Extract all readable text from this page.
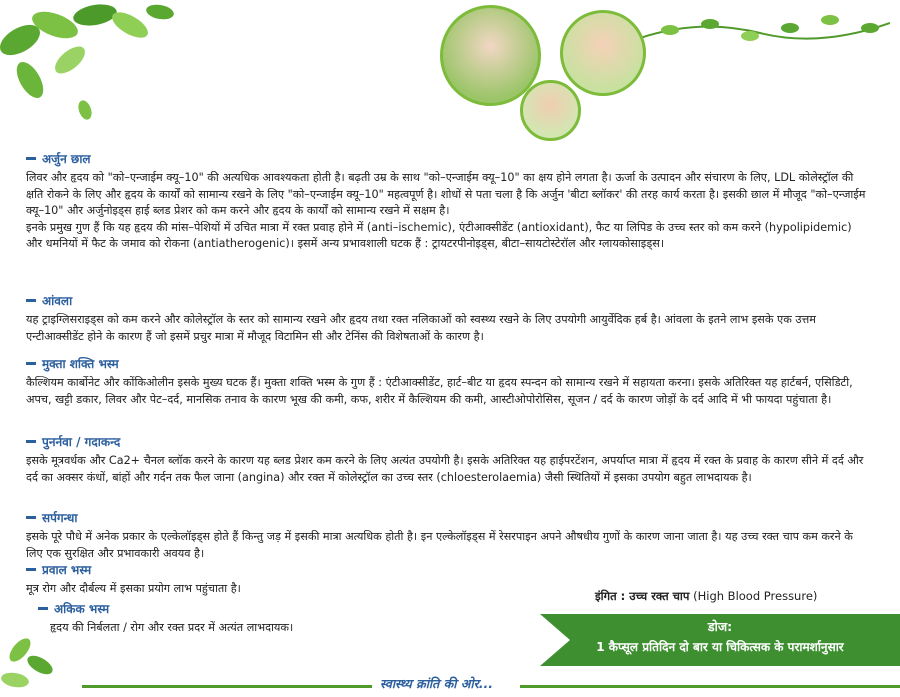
अर्जुन छाल
लिवर और हृदय को "को–एन्जाईम क्यू–10" की अत्यधिक आवश्यकता होती है। बढ़ती उम्र के साथ "को–एन्जाईम क्यू–10" का क्षय होने लगता है। ऊर्जा के उत्पादन और संचारण के लिए, LDL कोलेस्ट्रॉल की क्षति रोकने के लिए और हृदय के कार्यों को सामान्य रखने के लिए "को–एन्जाईम क्यू–10" महत्वपूर्ण है। शोधों से पता चला है कि अर्जुन 'बीटा ब्लॉकर' की तरह कार्य करता है। इसकी छाल में मौजूद "को–एन्जाईम क्यू–10" और अर्जुनोइड्स हाई ब्लड प्रेशर को कम करने और हृदय के कार्यों को सामान्य रखने में सक्षम है।
इनके प्रमुख गुण हैं कि यह हृदय की मांस–पेशियों में उचित मात्रा में रक्त प्रवाह होने में (anti–ischemic), एंटीआक्सीडेंट (antioxidant), फैट या लिपिड के उच्च स्तर को कम करने (hypolipidemic) और धमनियों में फैट के जमाव को रोकना (antiatherogenic)। इसमें अन्य प्रभावशाली घटक हैं : ट्रायटरपीनोइड्स, बीटा–सायटोस्टेरॉल और ग्लायकोसाइड्स।
आंवला
यह ट्राइग्लिसराइड्स को कम करने और कोलेस्ट्रॉल के स्तर को सामान्य रखने और हृदय तथा रक्त नलिकाओं को स्वस्थ्य रखने के लिए उपयोगी आयुर्वेदिक हर्ब है। आंवला के इतने लाभ इसके एक उत्तम एन्टीआक्सीडेंट होने के कारण हैं जो इसमें प्रचुर मात्रा में मौजूद विटामिन सी और टेनिंस की विशेषताओं के कारण है।
मुक्ता शक्ति भस्म
कैल्शियम कार्बोनेट और कोंकिओलीन इसके मुख्य घटक हैं। मुक्ता शक्ति भस्म के गुण हैं : एंटीआक्सीडेंट, हार्ट–बीट या हृदय स्पन्दन को सामान्य रखने में सहायता करना। इसके अतिरिक्त यह हार्टबर्न, एसिडिटी, अपच, खट्टी डकार, लिवर और पेट–दर्द, मानसिक तनाव के कारण भूख की कमी, कफ, शरीर में कैल्शियम की कमी, आस्टीओपोरोसिस, सूजन / दर्द के कारण जोड़ों के दर्द आदि में भी फायदा पहुंचाता है।
पुनर्नवा / गदाकन्द
इसके मूत्रवर्धक और Ca2+ चैनल ब्लॉक करने के कारण यह ब्लड प्रेशर कम करने के लिए अत्यंत उपयोगी है। इसके अतिरिक्त यह हाईपरटेंशन, अपर्याप्त मात्रा में हृदय में रक्त के प्रवाह के कारण सीने में दर्द और दर्द का अक्सर कंधों, बांहों और गर्दन तक फैल जाना (angina) और रक्त में कोलेस्ट्रॉल का उच्च स्तर (chloesterolaemia) जैसी स्थितियों में इसका उपयोग बहुत लाभदायक है।
सर्पगन्धा
इसके पूरे पौधे में अनेक प्रकार के एल्केलॉइड्स होते हैं किन्तु जड़ में इसकी मात्रा अत्यधिक होती है। इन एल्केलॉइड्स में रेसरपाइन अपने औषधीय गुणों के कारण जाना जाता है। यह उच्च रक्त चाप कम करने के लिए एक सुरक्षित और प्रभावकारी अवयव है।
प्रवाल भस्म
मूत्र रोग और दौर्बल्य में इसका प्रयोग लाभ पहुंचाता है।
अकिक भस्म
हृदय की निर्बलता / रोग और रक्त प्रदर में अत्यंत लाभदायक।
इंगित : उच्च रक्त चाप (High Blood Pressure)
डोज:
1 कैप्सूल प्रतिदिन दो बार या चिकित्सक के परामर्शानुसार
स्वास्थ्य क्रांति की ओर...
